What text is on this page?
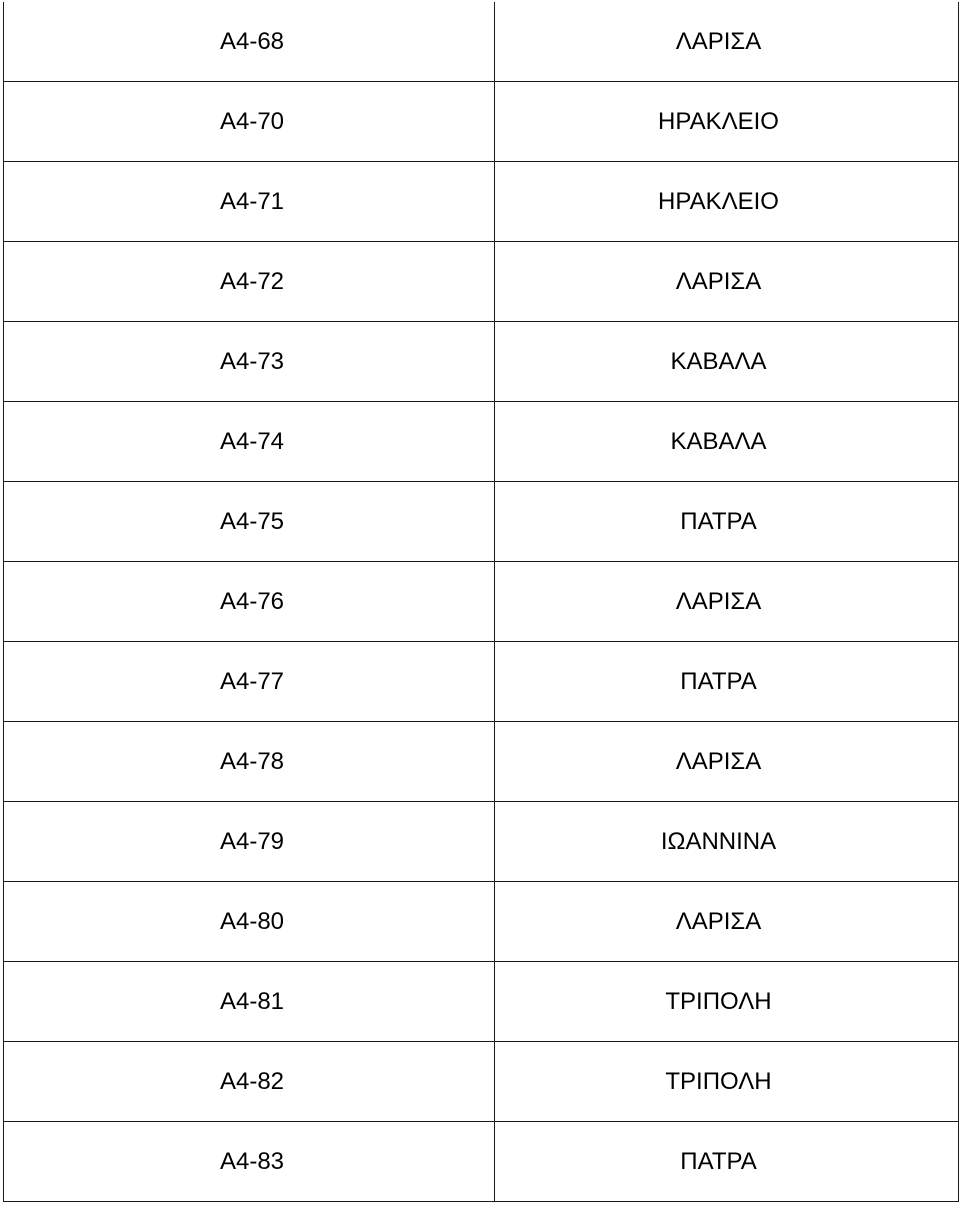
A4-68	ΛΑΡΙΣΑ
A4-70	ΗΡΑΚΛΕΙΟ
A4-71	ΗΡΑΚΛΕΙΟ
A4-72	ΛΑΡΙΣΑ
A4-73	ΚΑΒΑΛΑ
A4-74	ΚΑΒΑΛΑ
A4-75	ΠΑΤΡΑ
A4-76	ΛΑΡΙΣΑ
A4-77	ΠΑΤΡΑ
A4-78	ΛΑΡΙΣΑ
A4-79	ΙΩΑΝΝΙΝΑ
A4-80	ΛΑΡΙΣΑ
A4-81	ΤΡΙΠΟΛΗ
A4-82	ΤΡΙΠΟΛΗ
A4-83	ΠΑΤΡΑ
